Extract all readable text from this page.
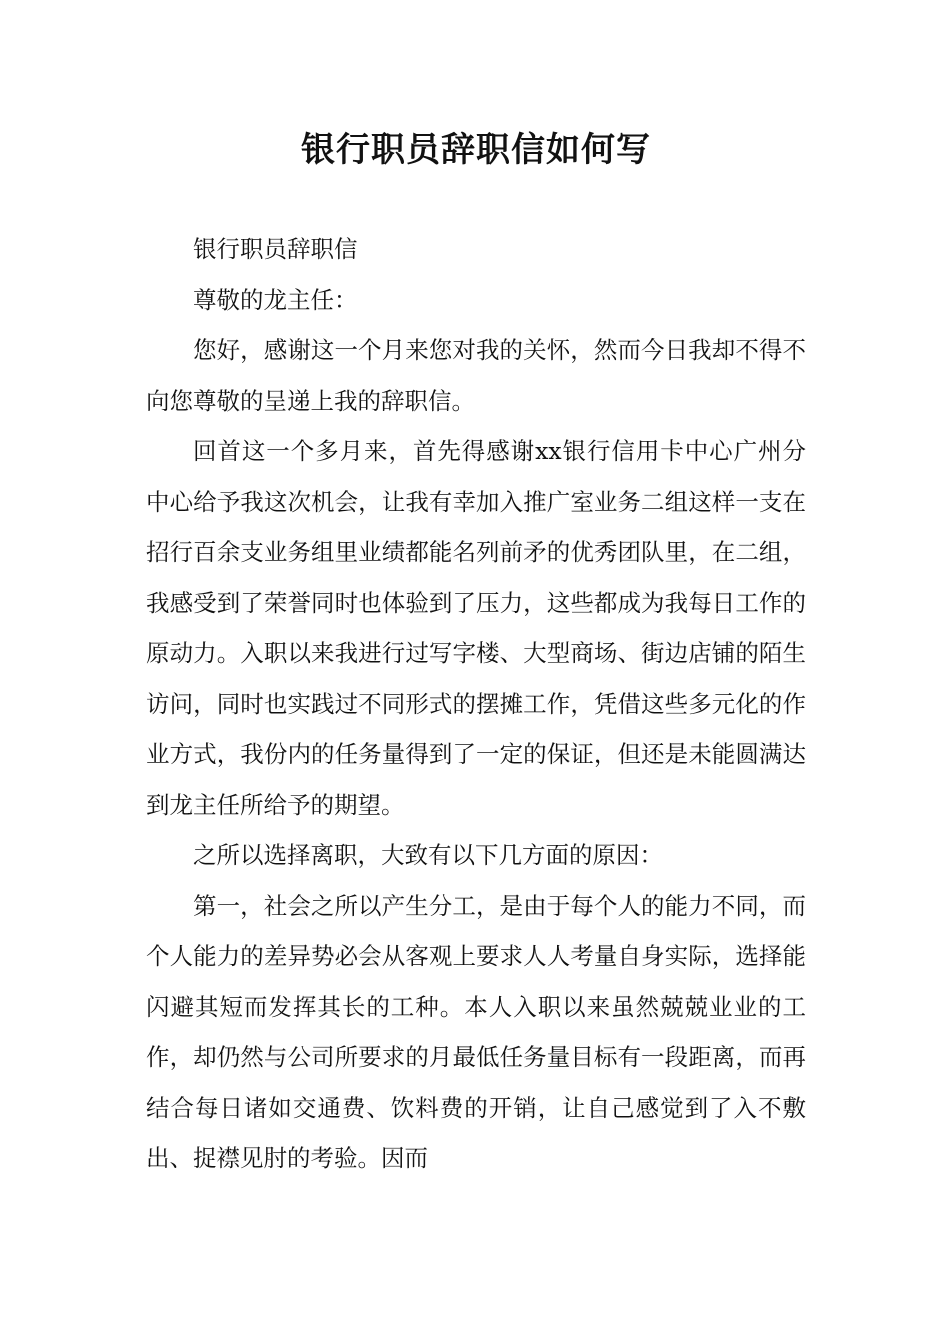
银行职员辞职信如何写

银行职员辞职信

尊敬的龙主任：

您好，感谢这一个月来您对我的关怀，然而今日我却不得不向您尊敬的呈递上我的辞职信。

回首这一个多月来，首先得感谢xx银行信用卡中心广州分中心给予我这次机会，让我有幸加入推广室业务二组这样一支在招行百余支业务组里业绩都能名列前矛的优秀团队里，在二组，我感受到了荣誉同时也体验到了压力，这些都成为我每日工作的原动力。入职以来我进行过写字楼、大型商场、街边店铺的陌生访问，同时也实践过不同形式的摆摊工作，凭借这些多元化的作业方式，我份内的任务量得到了一定的保证，但还是未能圆满达到龙主任所给予的期望。

之所以选择离职，大致有以下几方面的原因：

第一，社会之所以产生分工，是由于每个人的能力不同，而个人能力的差异势必会从客观上要求人人考量自身实际，选择能闪避其短而发挥其长的工种。本人入职以来虽然兢兢业业的工作，却仍然与公司所要求的月最低任务量目标有一段距离，而再结合每日诸如交通费、饮料费的开销，让自己感觉到了入不敷出、捉襟见肘的考验。因而
